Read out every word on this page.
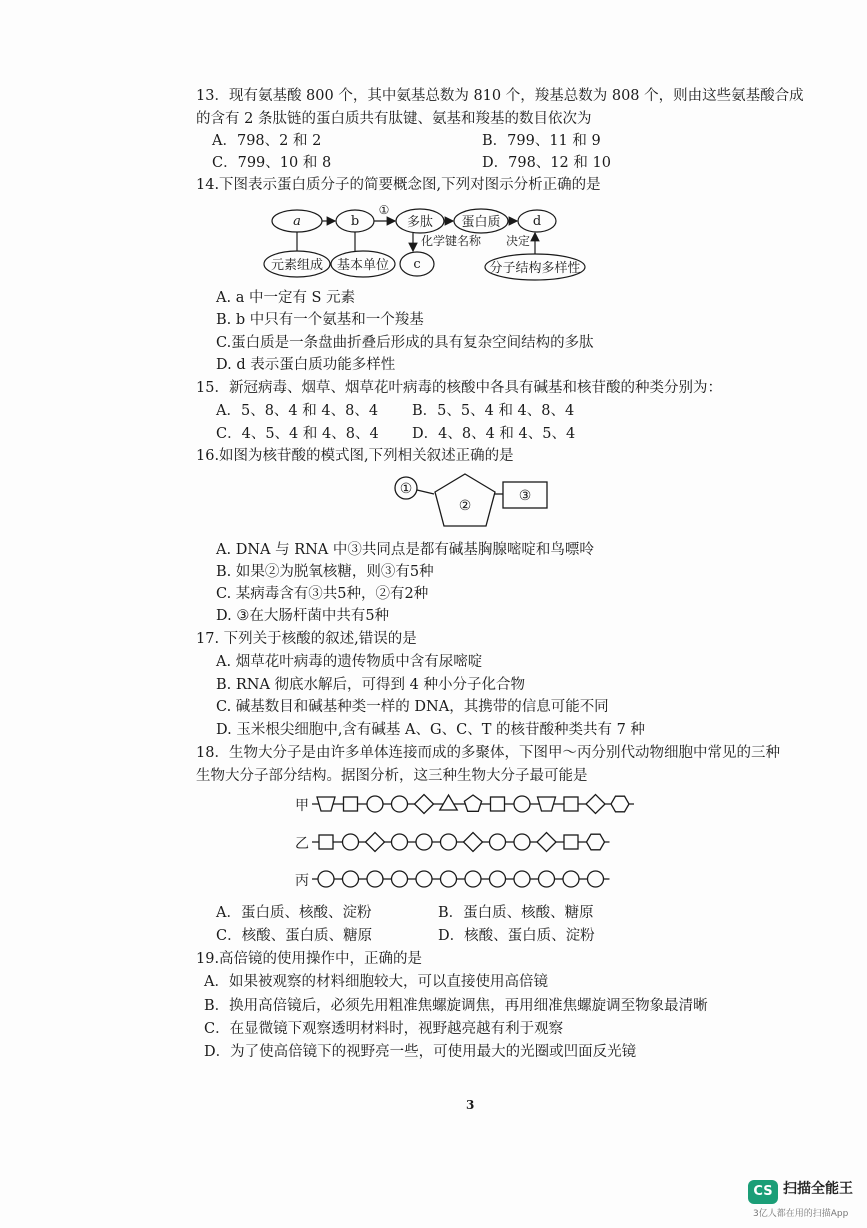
13．现有氨基酸 800 个，其中氨基总数为 810 个，羧基总数为 808 个，则由这些氨基酸合成
的含有 2 条肽链的蛋白质共有肽键、氨基和羧基的数目依次为
A．798、2 和 2	B．799、11 和 9
C．799、10 和 8	D．798、12 和 10
14.下图表示蛋白质分子的简要概念图,下列对图示分析正确的是
a	b
①
多肽 蛋白质 d
元素组成 基本单位 c
化学键名称 决定
分子结构多样性
A. a 中一定有 S 元素
B. b 中只有一个氨基和一个羧基
C.蛋白质是一条盘曲折叠后形成的具有复杂空间结构的多肽
D. d 表示蛋白质功能多样性
15．新冠病毒、烟草、烟草花叶病毒的核酸中各具有碱基和核苷酸的种类分别为：
A．5、8、4 和 4、8、4 B．5、5、4 和 4、8、4
C．4、5、4 和 4、8、4 D．4、8、4 和 4、5、4
16.如图为核苷酸的模式图,下列相关叙述正确的是
①
②
③
A. DNA 与 RNA 中③共同点是都有碱基胸腺嘧啶和鸟嘌呤
B. 如果②为脱氧核糖，则③有5种
C. 某病毒含有③共5种，②有2种
D. ③在大肠杆菌中共有5种
17. 下列关于核酸的叙述,错误的是
A. 烟草花叶病毒的遗传物质中含有尿嘧啶
B. RNA 彻底水解后，可得到 4 种小分子化合物
C. 碱基数目和碱基种类一样的 DNA，其携带的信息可能不同
D. 玉米根尖细胞中,含有碱基 A、G、C、T 的核苷酸种类共有 7 种
18．生物大分子是由许多单体连接而成的多聚体，下图甲～丙分别代动物细胞中常见的三种
生物大分子部分结构。据图分析，这三种生物大分子最可能是
甲
乙
丙
A．蛋白质、核酸、淀粉	B．蛋白质、核酸、糖原
C．核酸、蛋白质、糖原	D．核酸、蛋白质、淀粉
19.高倍镜的使用操作中，正确的是
A．如果被观察的材料细胞较大，可以直接使用高倍镜
B．换用高倍镜后，必须先用粗准焦螺旋调焦，再用细准焦螺旋调至物象最清晰
C．在显微镜下观察透明材料时，视野越亮越有利于观察
D．为了使高倍镜下的视野亮一些，可使用最大的光圈或凹面反光镜
3
CS 扫描全能王
3亿人都在用的扫描App
